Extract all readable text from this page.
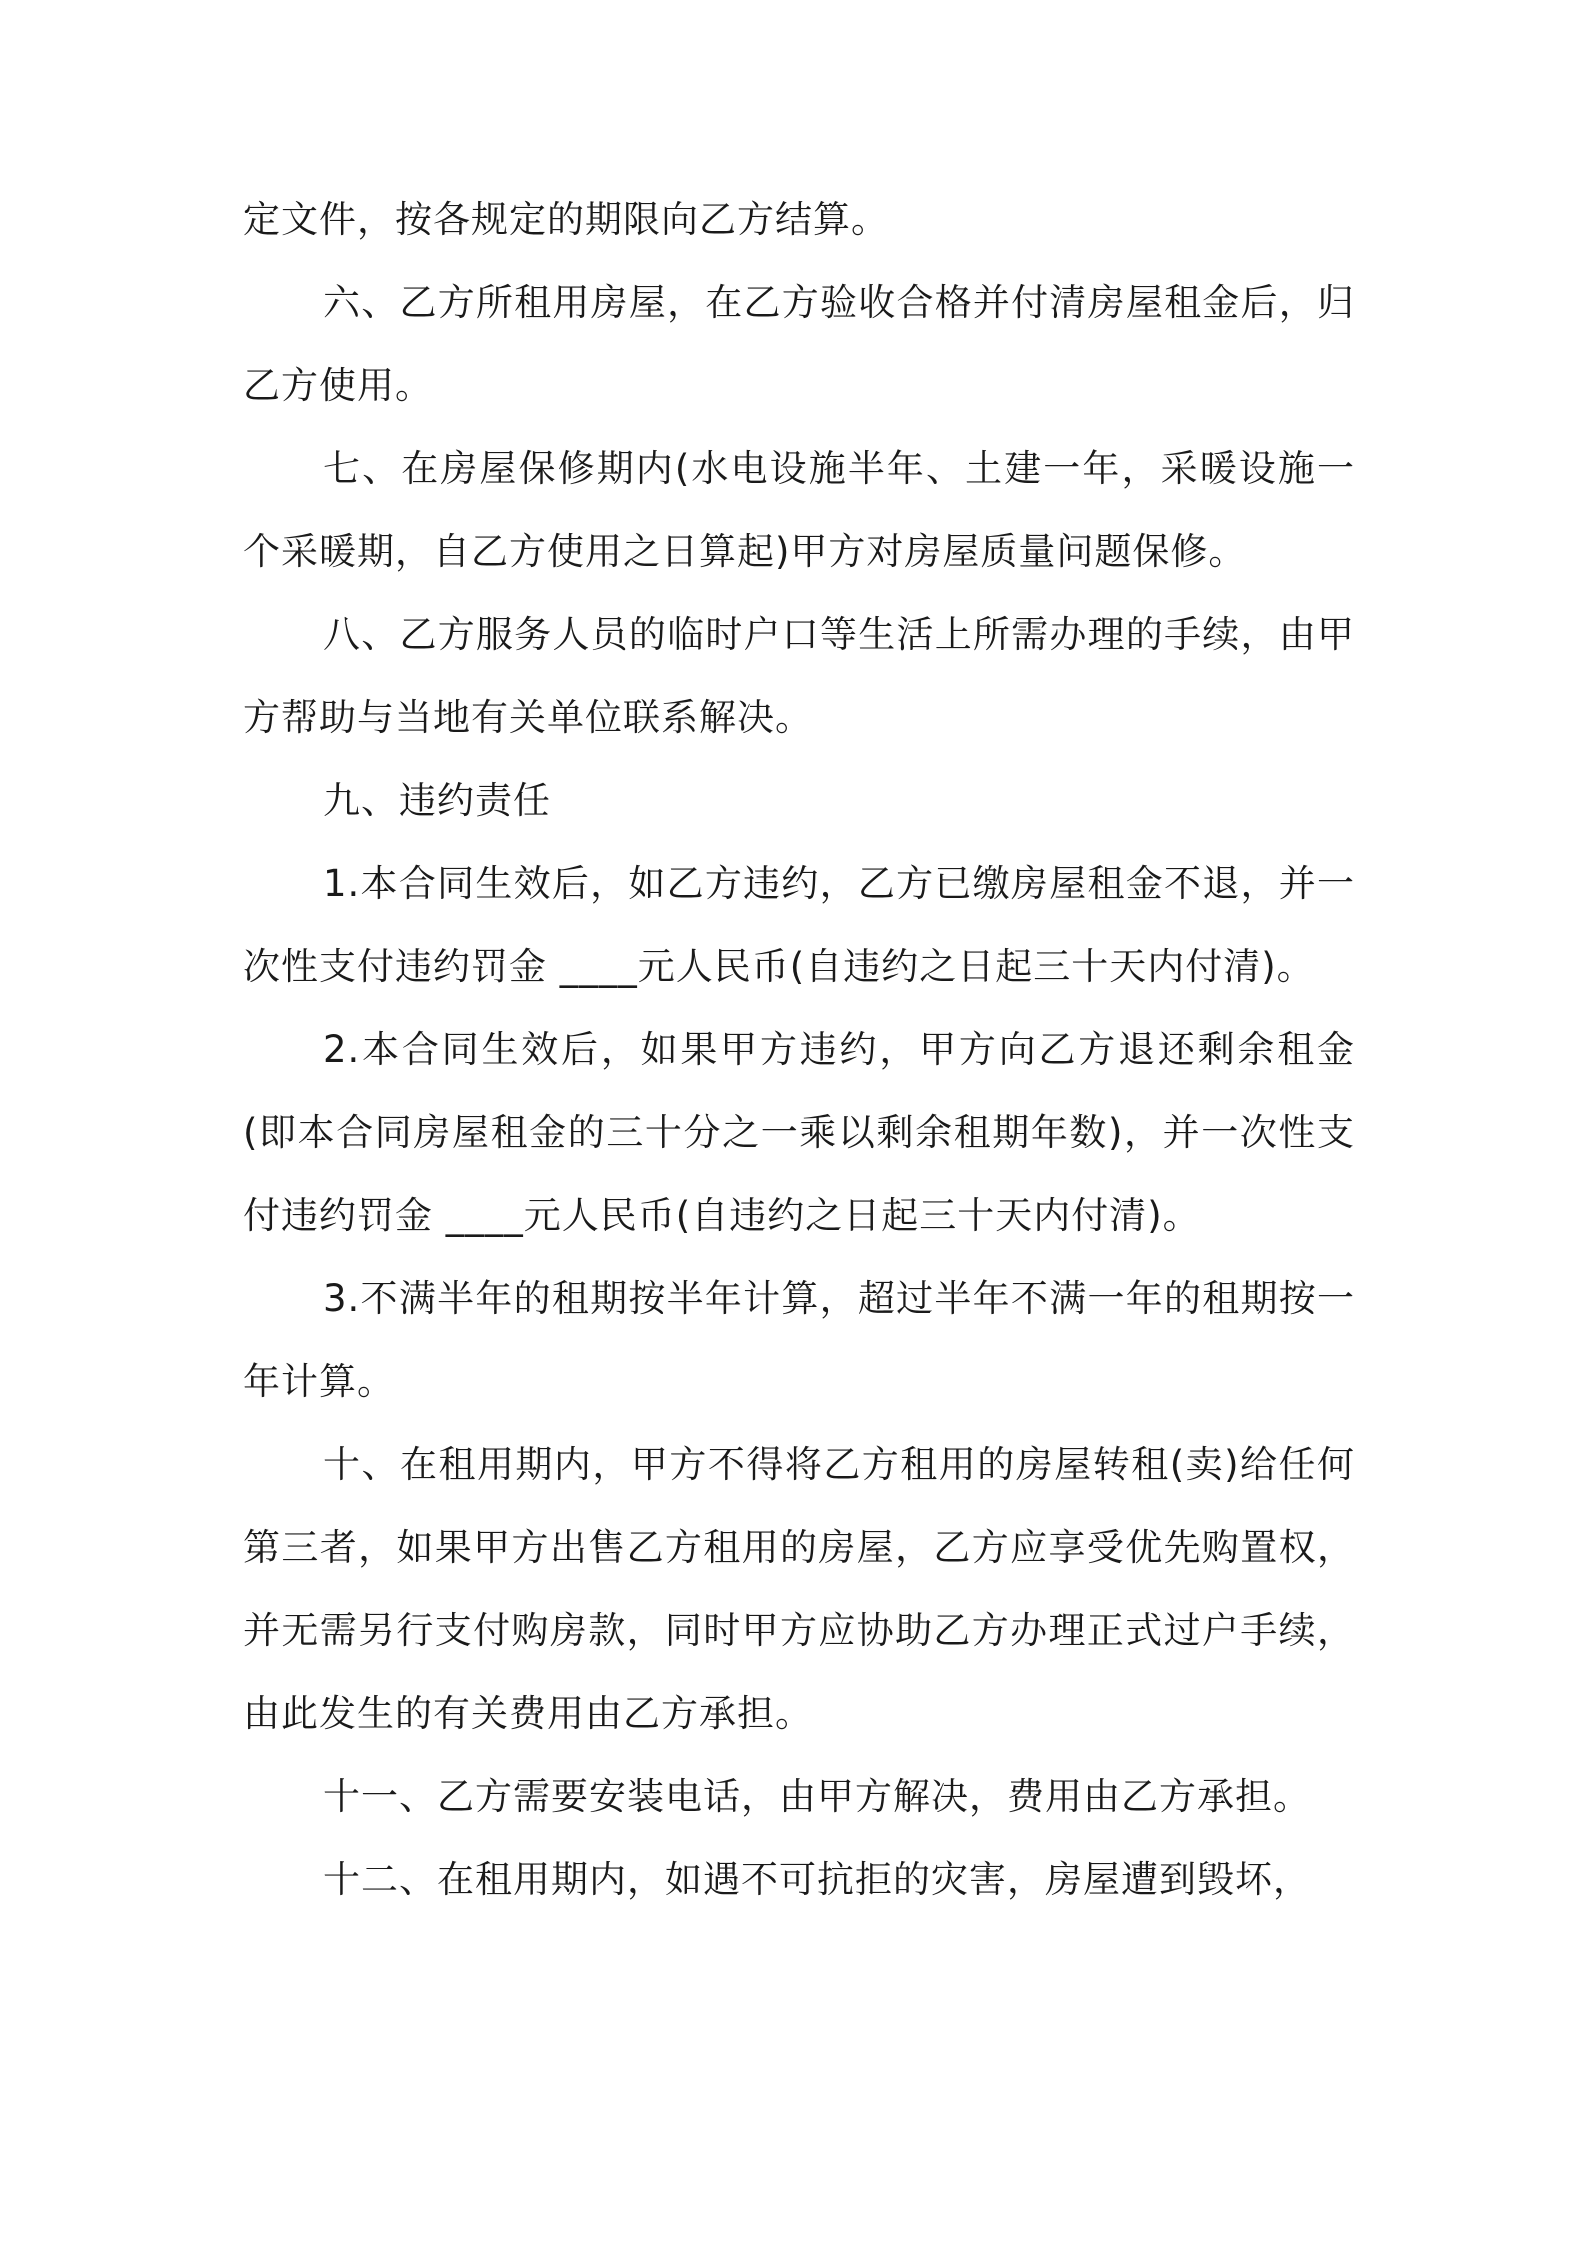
定文件，按各规定的期限向乙方结算。

六、乙方所租用房屋，在乙方验收合格并付清房屋租金后，归乙方使用。

七、在房屋保修期内(水电设施半年、土建一年，采暖设施一个采暖期，自乙方使用之日算起)甲方对房屋质量问题保修。

八、乙方服务人员的临时户口等生活上所需办理的手续，由甲方帮助与当地有关单位联系解决。

九、违约责任

1.本合同生效后，如乙方违约，乙方已缴房屋租金不退，并一次性支付违约罚金 ____元人民币(自违约之日起三十天内付清)。

2.本合同生效后，如果甲方违约，甲方向乙方退还剩余租金(即本合同房屋租金的三十分之一乘以剩余租期年数)，并一次性支付违约罚金 ____元人民币(自违约之日起三十天内付清)。

3.不满半年的租期按半年计算，超过半年不满一年的租期按一年计算。

十、在租用期内，甲方不得将乙方租用的房屋转租(卖)给任何第三者，如果甲方出售乙方租用的房屋，乙方应享受优先购置权，并无需另行支付购房款，同时甲方应协助乙方办理正式过户手续，由此发生的有关费用由乙方承担。

十一、乙方需要安装电话，由甲方解决，费用由乙方承担。

十二、在租用期内，如遇不可抗拒的灾害，房屋遭到毁坏，
